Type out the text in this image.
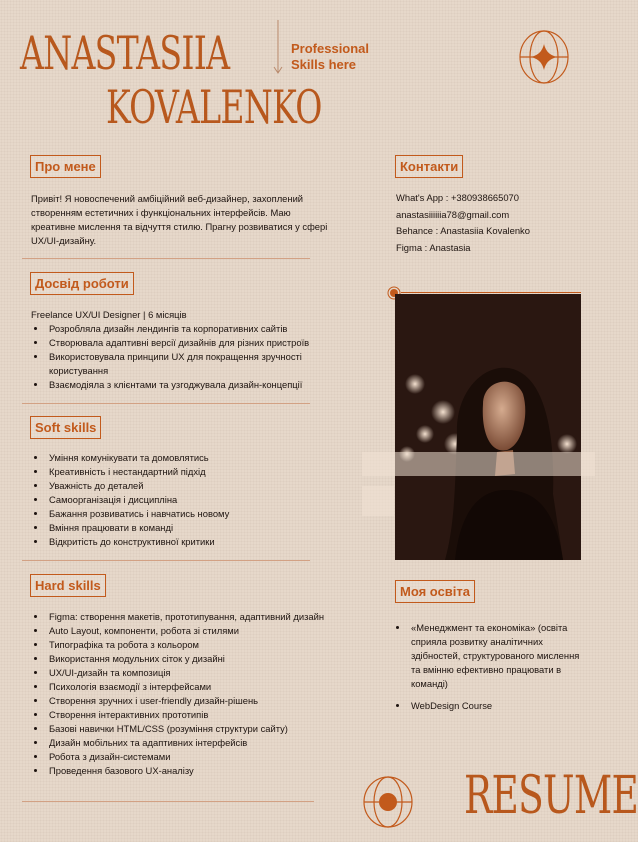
ANASTASIIA
KOVALENKO
Professional
Skills here
Про мене
Привіт! Я новоспечений амбіційний веб-дизайнер, захоплений створенням естетичних і функціональних інтерфейсів. Маю креативне мислення та відчуття стилю. Прагну розвиватися у сфері UX/UI-дизайну.
Досвід роботи
Freelance UX/UI Designer | 6 місяців
• Розробляла дизайн лендингів та корпоративних сайтів
• Створювала адаптивні версії дизайнів для різних пристроїв
• Використовувала принципи UX для покращення зручності користування
• Взаємодіяла з клієнтами та узгоджувала дизайн-концепції
Soft skills
• Уміння комунікувати та домовлятись
• Креативність і нестандартний підхід
• Уважність до деталей
• Самоорганізація і дисципліна
• Бажання розвиватись і навчатись новому
• Вміння працювати в команді
• Відкритість до конструктивної критики
Hard skills
• Figma: створення макетів, прототипування, адаптивний дизайн
• Auto Layout, компоненти, робота зі стилями
• Типографіка та робота з кольором
• Використання модульних сіток у дизайні
• UX/UI-дизайн та композиція
• Психологія взаємодії з інтерфейсами
• Створення зручних і user-friendly дизайн-рішень
• Створення інтерактивних прототипів
• Базові навички HTML/CSS (розуміння структури сайту)
• Дизайн мобільних та адаптивних інтерфейсів
• Робота з дизайн-системами
• Проведення базового UX-аналізу
Контакти
What's App : +380938665070
anastasiiiiiia78@gmail.com
Behance : Anastasiia Kovalenko
Figma : Anastasia
Моя освіта
• «Менеджмент та економіка» (освіта сприяла розвитку аналітичних здібностей, структурованого мислення та вмінню ефективно працювати в команді)
• WebDesign Course
RESUME
